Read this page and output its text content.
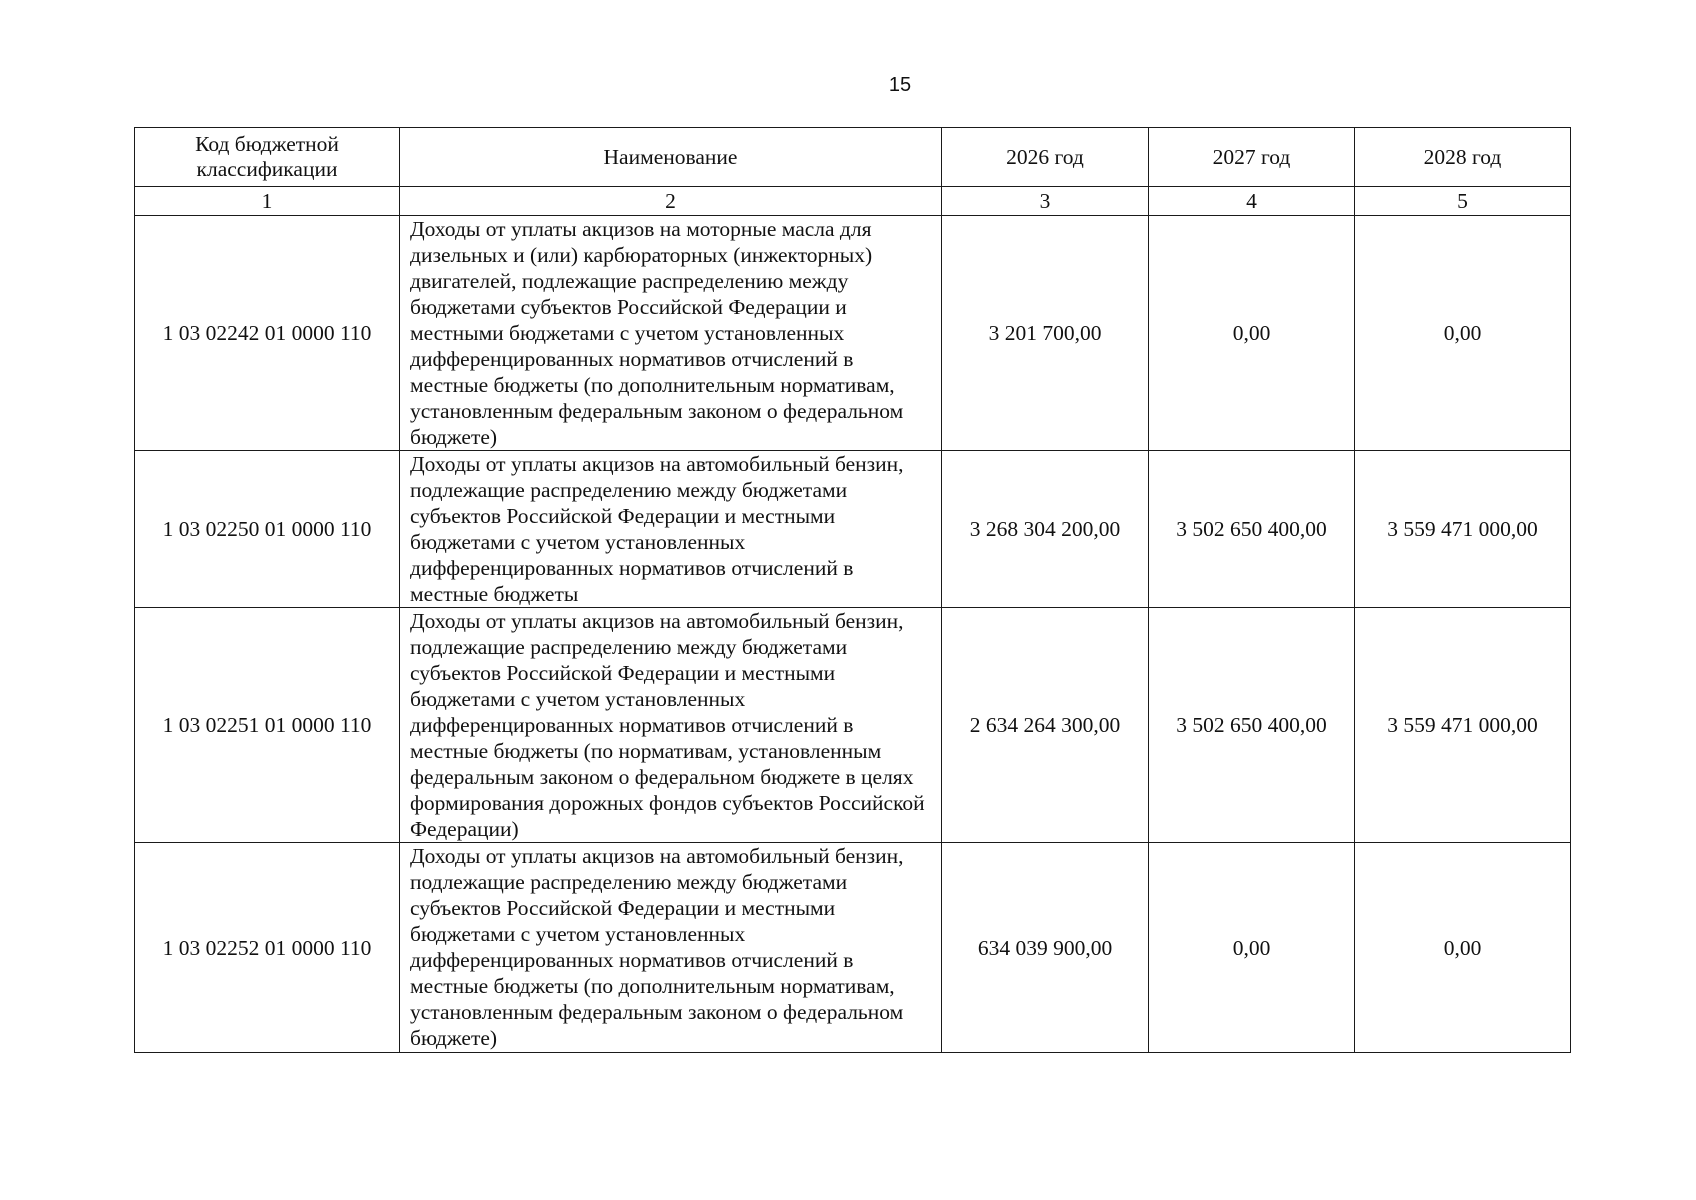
15
Код бюджетной классификации	Наименование	2026 год	2027 год	2028 год
1	2	3	4	5
1 03 02242 01 0000 110	Доходы от уплаты акцизов на моторные масла для дизельных и (или) карбюраторных (инжекторных) двигателей, подлежащие распределению между бюджетами субъектов Российской Федерации и местными бюджетами с учетом установленных дифференцированных нормативов отчислений в местные бюджеты (по дополнительным нормативам, установленным федеральным законом о федеральном бюджете)	3 201 700,00	0,00	0,00
1 03 02250 01 0000 110	Доходы от уплаты акцизов на автомобильный бензин, подлежащие распределению между бюджетами субъектов Российской Федерации и местными бюджетами с учетом установленных дифференцированных нормативов отчислений в местные бюджеты	3 268 304 200,00	3 502 650 400,00	3 559 471 000,00
1 03 02251 01 0000 110	Доходы от уплаты акцизов на автомобильный бензин, подлежащие распределению между бюджетами субъектов Российской Федерации и местными бюджетами с учетом установленных дифференцированных нормативов отчислений в местные бюджеты (по нормативам, установленным федеральным законом о федеральном бюджете в целях формирования дорожных фондов субъектов Российской Федерации)	2 634 264 300,00	3 502 650 400,00	3 559 471 000,00
1 03 02252 01 0000 110	Доходы от уплаты акцизов на автомобильный бензин, подлежащие распределению между бюджетами субъектов Российской Федерации и местными бюджетами с учетом установленных дифференцированных нормативов отчислений в местные бюджеты (по дополнительным нормативам, установленным федеральным законом о федеральном бюджете)	634 039 900,00	0,00	0,00
